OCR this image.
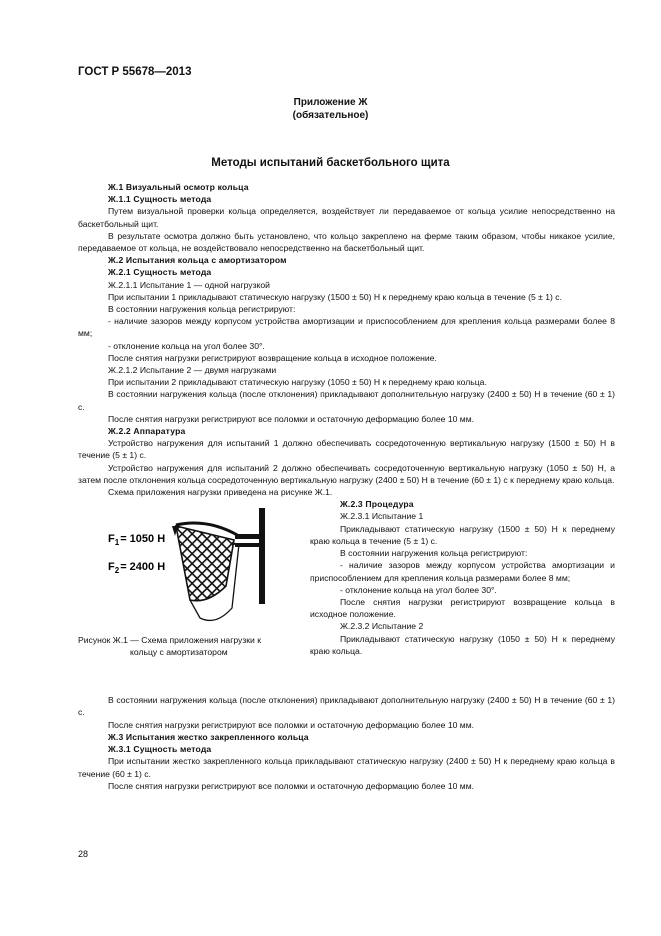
ГОСТ Р 55678—2013
Приложение Ж
(обязательное)
Методы испытаний баскетбольного щита

Ж.1 Визуальный осмотр кольца

Ж.1.1 Сущность метода

Путем визуальной проверки кольца определяется, воздействует ли передаваемое от кольца усилие непосредственно на баскетбольный щит.

В результате осмотра должно быть установлено, что кольцо закреплено на ферме таким образом, чтобы никакое усилие, передаваемое от кольца, не воздействовало непосредственно на баскетбольный щит.

Ж.2 Испытания кольца с амортизатором

Ж.2.1 Сущность метода

Ж.2.1.1 Испытание 1 — одной нагрузкой

При испытании 1 прикладывают статическую нагрузку (1500 ± 50) Н к переднему краю кольца в течение (5 ± 1) с.

В состоянии нагружения кольца регистрируют:

- наличие зазоров между корпусом устройства амортизации и приспособлением для крепления кольца размерами более 8 мм;

- отклонение кольца на угол более 30°.

После снятия нагрузки регистрируют возвращение кольца в исходное положение.

Ж.2.1.2 Испытание 2 — двумя нагрузками

При испытании 2 прикладывают статическую нагрузку (1050 ± 50) Н к переднему краю кольца.

В состоянии нагружения кольца (после отклонения) прикладывают дополнительную нагрузку (2400 ± 50) Н в течение (60 ± 1) с.

После снятия нагрузки регистрируют все поломки и остаточную деформацию более 10 мм.

Ж.2.2 Аппаратура

Устройство нагружения для испытаний 1 должно обеспечивать сосредоточенную вертикальную нагрузку (1500 ± 50) Н в течение (5 ± 1) с.

Устройство нагружения для испытаний 2 должно обеспечивать сосредоточенную вертикальную нагрузку (1050 ± 50) Н, а затем после отклонения кольца сосредоточенную вертикальную нагрузку (2400 ± 50) Н в течение (60 ± 1) с к переднему краю кольца.

Схема приложения нагрузки приведена на рисунке Ж.1.

$F_1= 1050$ Н
$F_2= 2400$ Н
Рисунок Ж.1 — Схема приложения нагрузки к
кольцу с амортизатором

Ж.2.3 Процедура

Ж.2.3.1 Испытание 1

Прикладывают статическую нагрузку (1500 ± 50) Н к переднему краю кольца в течение (5 ± 1) с.

В состоянии нагружения кольца регистрируют:

- наличие зазоров между корпусом устройства амортизации и приспособлением для крепления кольца размерами более 8 мм;

- отклонение кольца на угол более 30°.

После снятия нагрузки регистрируют возвращение кольца в исходное положение.

Ж.2.3.2 Испытание 2

Прикладывают статическую нагрузку (1050 ± 50) Н к переднему краю кольца.

В состоянии нагружения кольца (после отклонения) прикладывают дополнительную нагрузку (2400 ± 50) Н в течение (60 ± 1) с.

После снятия нагрузки регистрируют все поломки и остаточную деформацию более 10 мм.

Ж.3 Испытания жестко закрепленного кольца

Ж.3.1 Сущность метода

При испытании жестко закрепленного кольца прикладывают статическую нагрузку (2400 ± 50) Н к переднему краю кольца в течение (60 ± 1) с.

После снятия нагрузки регистрируют все поломки и остаточную деформацию более 10 мм.

28
